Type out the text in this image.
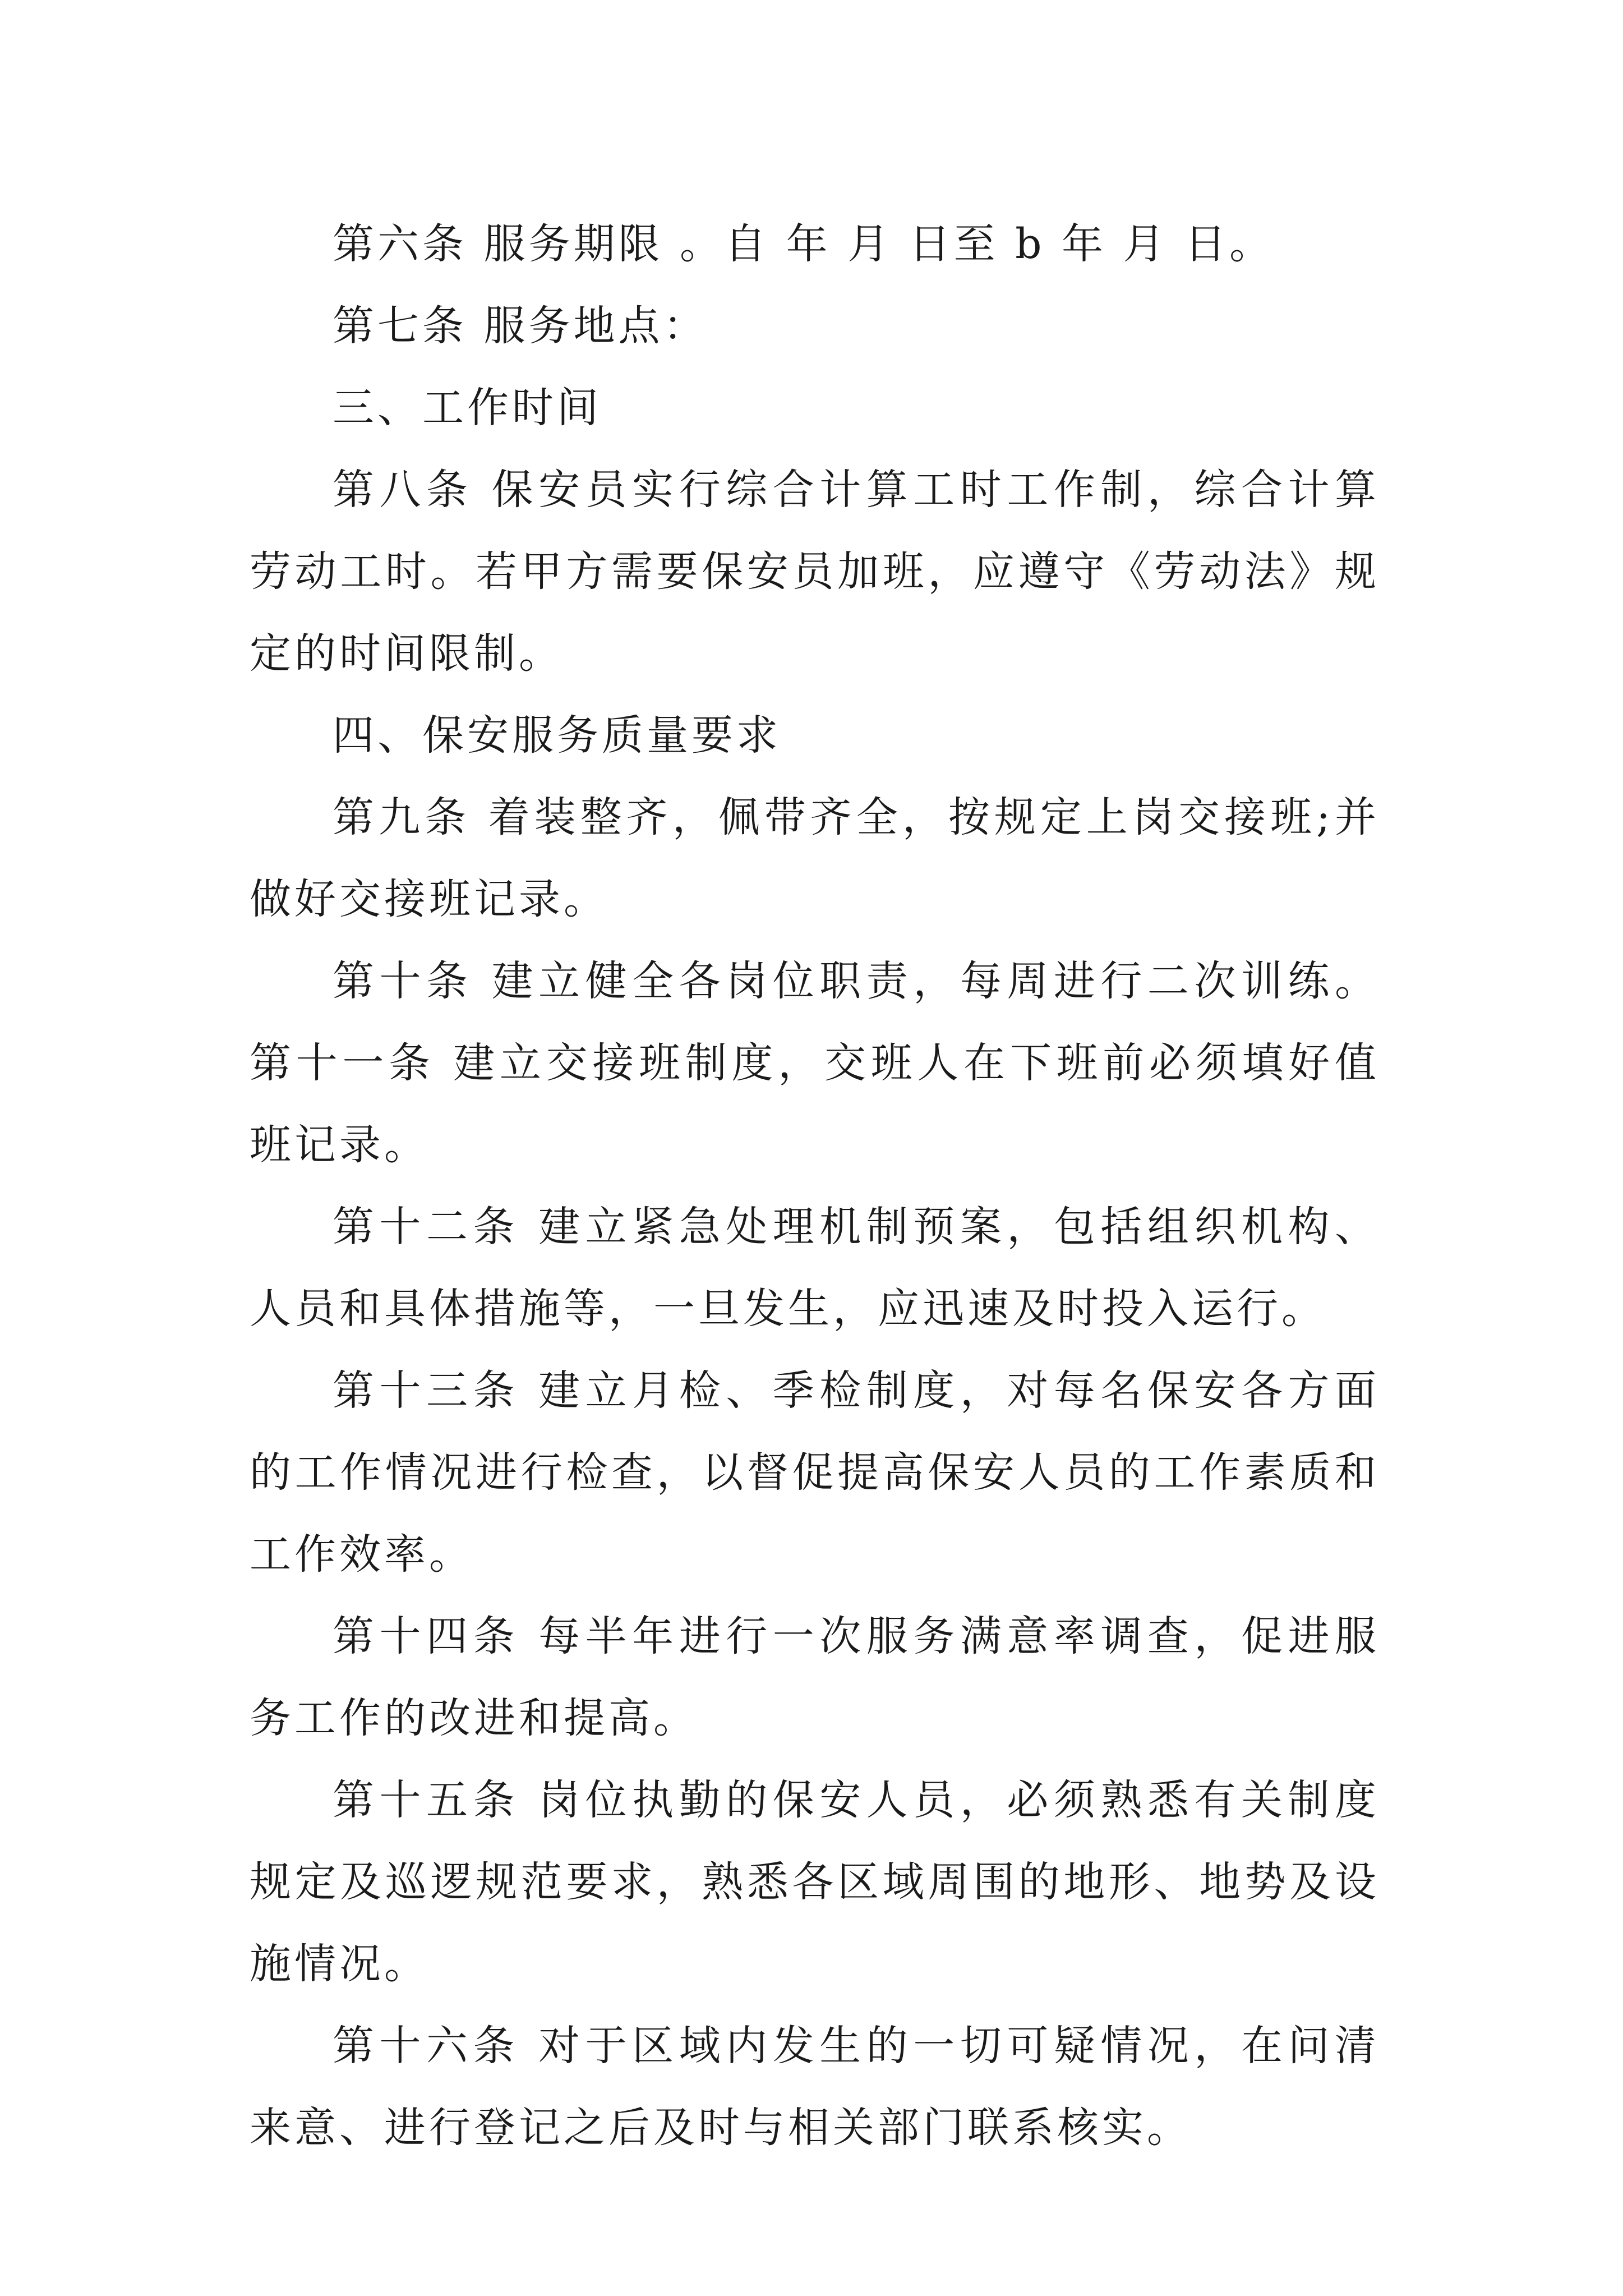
第六条 服务期限 。自 年 月 日至 b 年 月 日。

第七条 服务地点：

三、工作时间

第八条 保安员实行综合计算工时工作制，综合计算劳动工时。若甲方需要保安员加班，应遵守《劳动法》规定的时间限制。

四、保安服务质量要求

第九条 着装整齐，佩带齐全，按规定上岗交接班;并做好交接班记录。

第十条 建立健全各岗位职责，每周进行二次训练。 第十一条 建立交接班制度，交班人在下班前必须填好值班记录。

第十二条 建立紧急处理机制预案，包括组织机构、人员和具体措施等，一旦发生，应迅速及时投入运行。

第十三条 建立月检、季检制度，对每名保安各方面的工作情况进行检查，以督促提高保安人员的工作素质和工作效率。

第十四条 每半年进行一次服务满意率调查，促进服务工作的改进和提高。

第十五条 岗位执勤的保安人员，必须熟悉有关制度规定及巡逻规范要求，熟悉各区域周围的地形、地势及设施情况。

第十六条 对于区域内发生的一切可疑情况，在问清来意、进行登记之后及时与相关部门联系核实。
